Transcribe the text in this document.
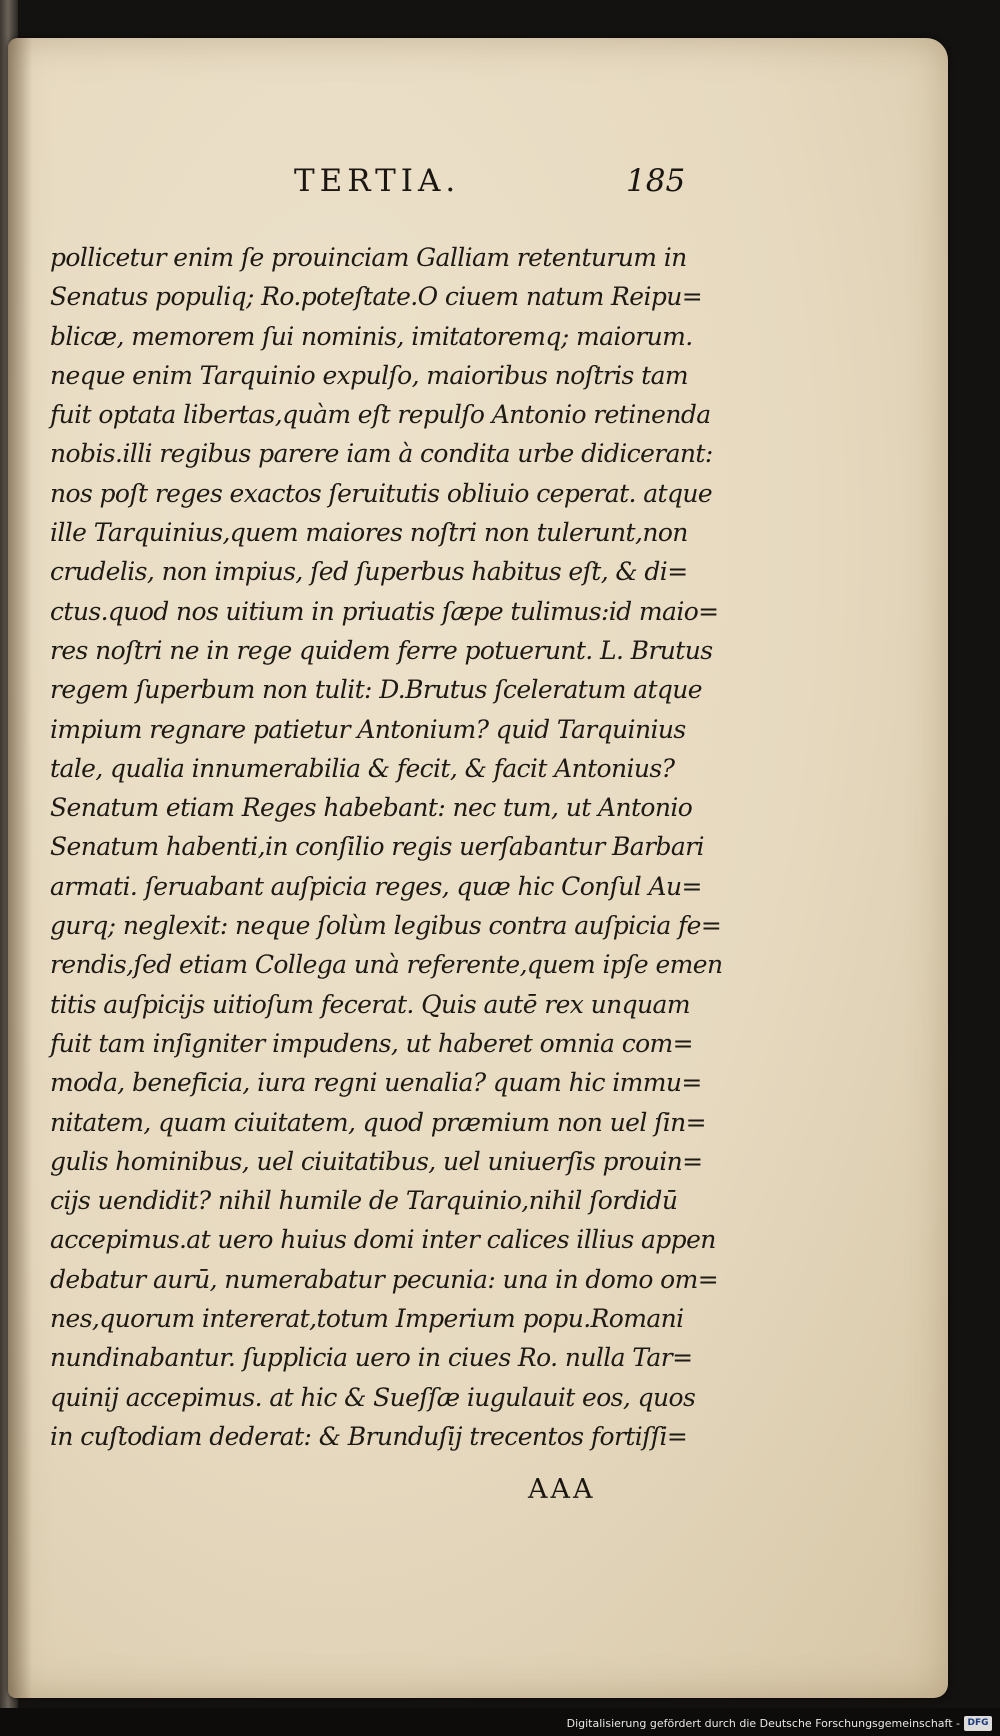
TERTIA.	185
pollicetur enim ſe prouinciam Galliam retenturum in
Senatus populiq; Ro.poteſtate.O ciuem natum Reipu=
blicæ, memorem ſui nominis, imitatoremq; maiorum.
neque enim Tarquinio expulſo, maioribus noſtris tam
fuit optata libertas,quàm eſt repulſo Antonio retinenda
nobis.illi regibus parere iam à condita urbe didicerant:
nos poſt reges exactos ſeruitutis obliuio ceperat. atque
ille Tarquinius,quem maiores noſtri non tulerunt,non
crudelis, non impius, ſed ſuperbus habitus eſt, & di=
ctus.quod nos uitium in priuatis ſæpe tulimus:id maio=
res noſtri ne in rege quidem ferre potuerunt. L. Brutus
regem ſuperbum non tulit: D.Brutus ſceleratum atque
impium regnare patietur Antonium? quid Tarquinius
tale, qualia innumerabilia & fecit, & facit Antonius?
Senatum etiam Reges habebant: nec tum, ut Antonio
Senatum habenti,in conſilio regis uerſabantur Barbari
armati. ſeruabant auſpicia reges, quæ hic Conſul Au=
gurq; neglexit: neque ſolùm legibus contra auſpicia fe=
rendis,ſed etiam Collega unà referente,quem ipſe emen
titis auſpicijs uitioſum fecerat. Quis autē rex unquam
fuit tam inſigniter impudens, ut haberet omnia com=
moda, beneficia, iura regni uenalia? quam hic immu=
nitatem, quam ciuitatem, quod præmium non uel ſin=
gulis hominibus, uel ciuitatibus, uel uniuerſis prouin=
cijs uendidit? nihil humile de Tarquinio,nihil ſordidū
accepimus.at uero huius domi inter calices illius appen
debatur aurū, numerabatur pecunia: una in domo om=
nes,quorum intererat,totum Imperium popu.Romani
nundinabantur. ſupplicia uero in ciues Ro. nulla Tar=
quinij accepimus. at hic & Sueſſæ iugulauit eos, quos
in cuſtodiam dederat: & Brunduſij trecentos fortiſſi=
AAA
Digitalisierung gefördert durch die Deutsche Forschungsgemeinschaft - DFG
